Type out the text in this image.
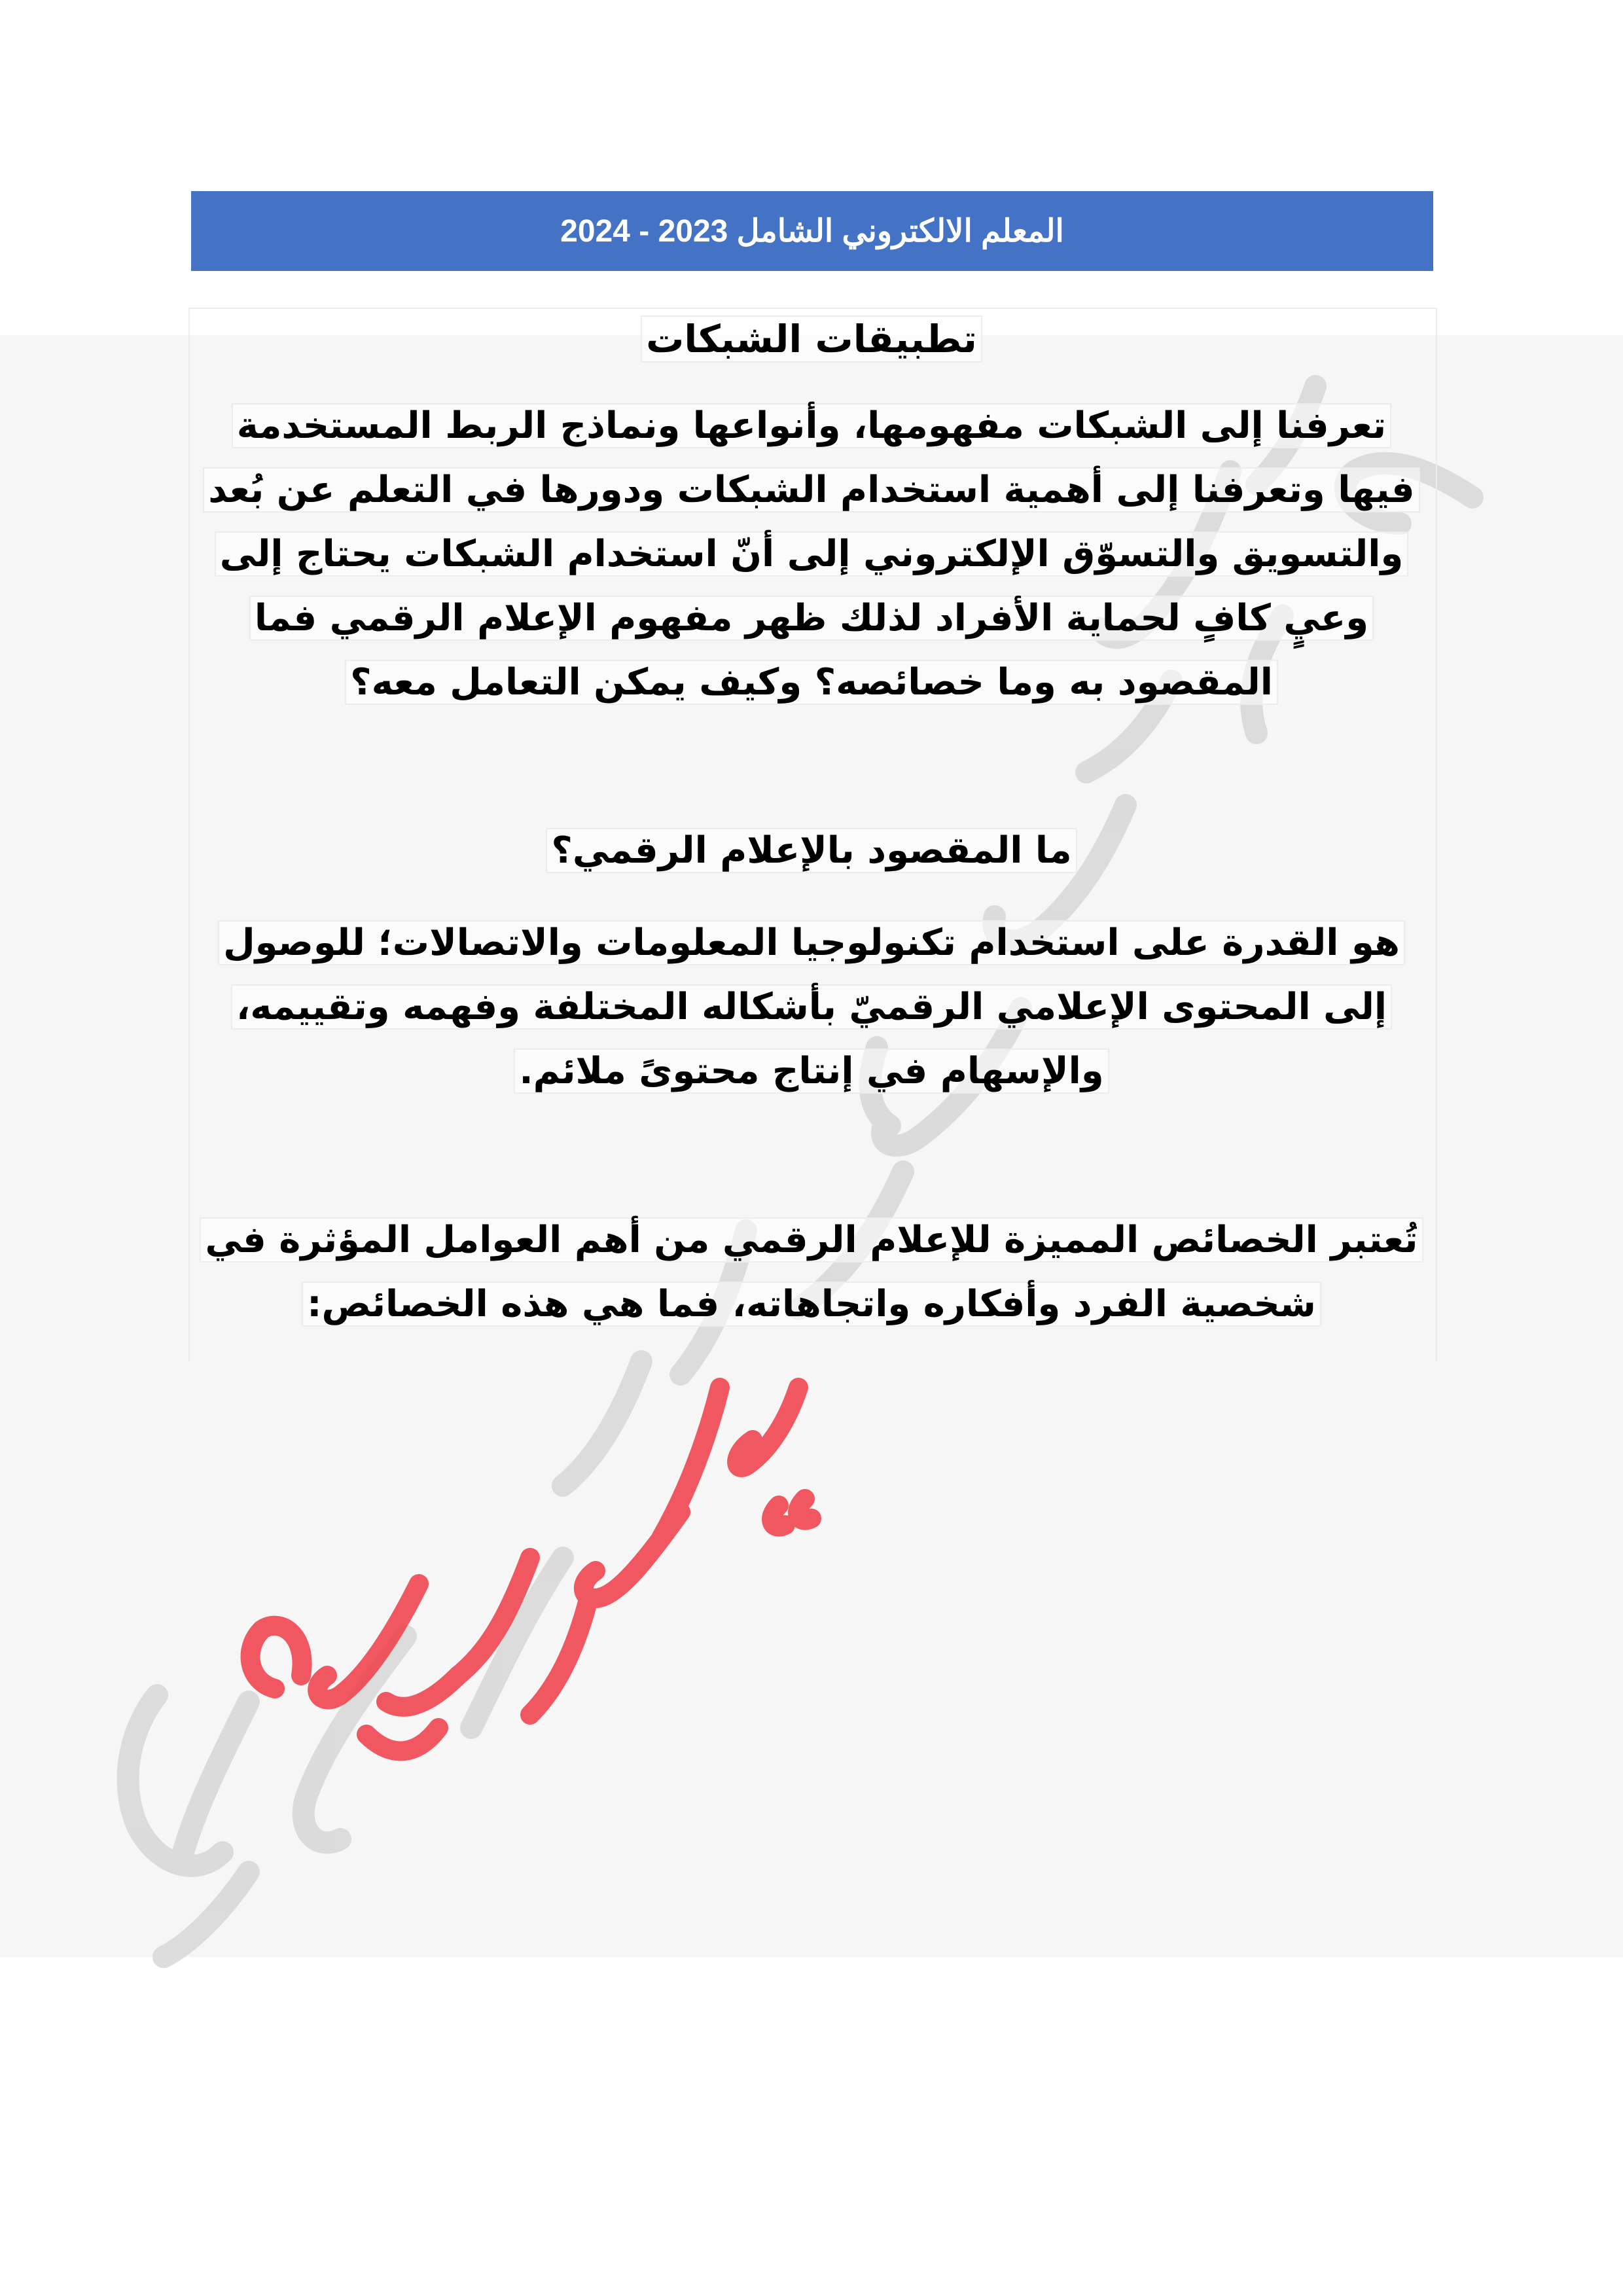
المعلم الالكتروني الشامل 2023 - 2024

تطبيقات الشبكات

تعرفنا إلى الشبكات مفهومها، وأنواعها ونماذج الربط المستخدمة فيها وتعرفنا إلى أهمية استخدام الشبكات ودورها في التعلم عن بُعد والتسويق والتسوّق الإلكتروني إلى أنّ استخدام الشبكات يحتاج إلى وعيٍ كافٍ لحماية الأفراد لذلك ظهر مفهوم الإعلام الرقمي فما المقصود به وما خصائصه؟ وكيف يمكن التعامل معه؟

ما المقصود بالإعلام الرقمي؟

هو القدرة على استخدام تكنولوجيا المعلومات والاتصالات؛ للوصول إلى المحتوى الإعلامي الرقميّ بأشكاله المختلفة وفهمه وتقييمه، والإسهام في إنتاج محتوىً ملائم.

تُعتبر الخصائص المميزة للإعلام الرقمي من أهم العوامل المؤثرة في شخصية الفرد وأفكاره واتجاهاته، فما هي هذه الخصائص:
